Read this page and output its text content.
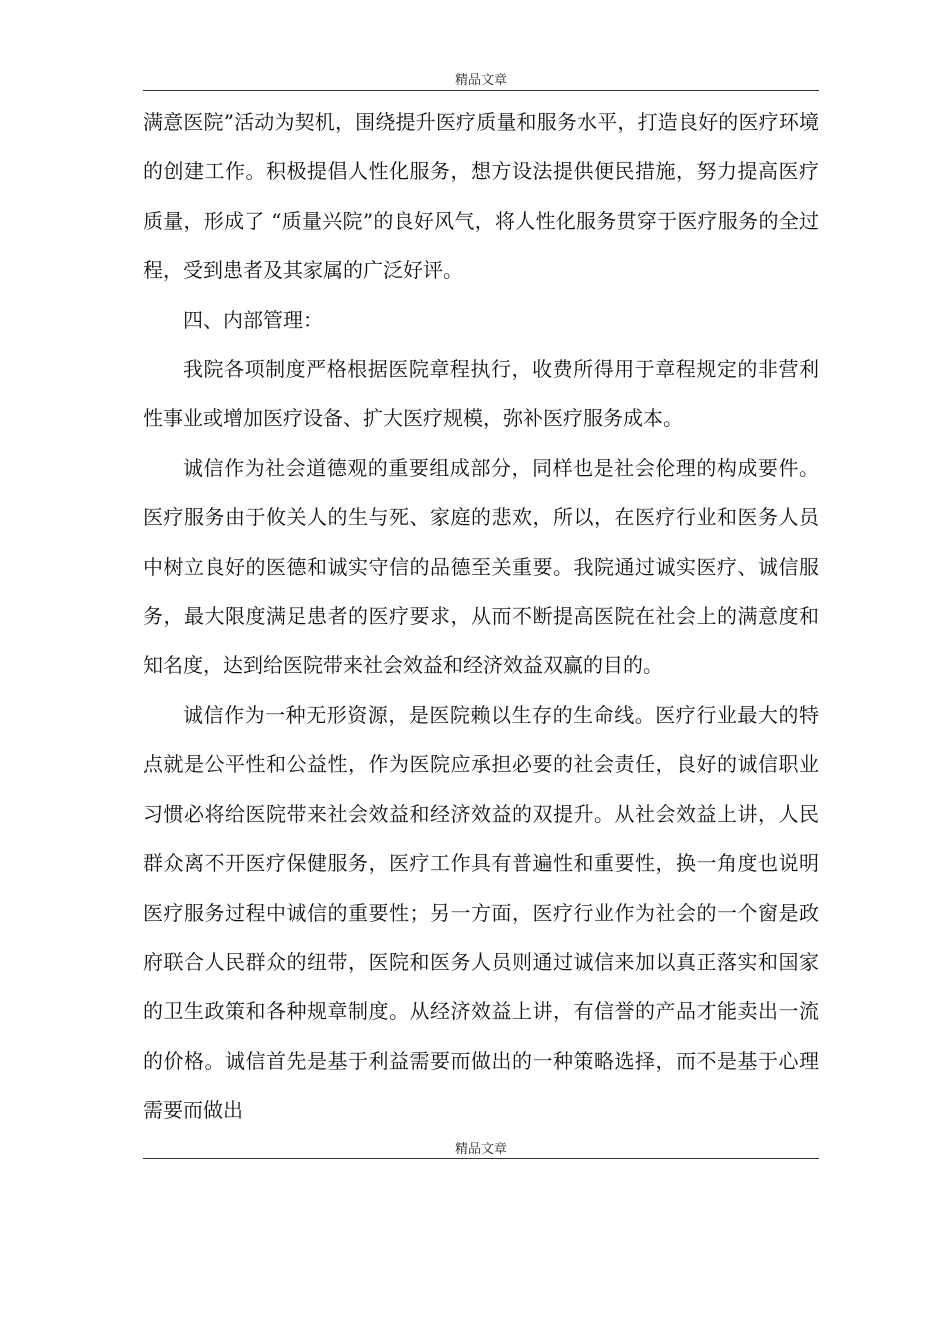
精品文章

满意医院”活动为契机，围绕提升医疗质量和服务水平，打造良好的医疗环境的创建工作。积极提倡人性化服务，想方设法提供便民措施，努力提高医疗质量，形成了 “质量兴院”的良好风气，将人性化服务贯穿于医疗服务的全过程，受到患者及其家属的广泛好评。

四、内部管理：

我院各项制度严格根据医院章程执行，收费所得用于章程规定的非营利性事业或增加医疗设备、扩大医疗规模，弥补医疗服务成本。

诚信作为社会道德观的重要组成部分，同样也是社会伦理的构成要件。医疗服务由于攸关人的生与死、家庭的悲欢，所以，在医疗行业和医务人员中树立良好的医德和诚实守信的品德至关重要。我院通过诚实医疗、诚信服务，最大限度满足患者的医疗要求，从而不断提高医院在社会上的满意度和知名度，达到给医院带来社会效益和经济效益双赢的目的。

诚信作为一种无形资源，是医院赖以生存的生命线。医疗行业最大的特点就是公平性和公益性，作为医院应承担必要的社会责任，良好的诚信职业习惯必将给医院带来社会效益和经济效益的双提升。从社会效益上讲，人民群众离不开医疗保健服务，医疗工作具有普遍性和重要性，换一角度也说明医疗服务过程中诚信的重要性；另一方面，医疗行业作为社会的一个窗是政府联合人民群众的纽带，医院和医务人员则通过诚信来加以真正落实和国家的卫生政策和各种规章制度。从经济效益上讲，有信誉的产品才能卖出一流的价格。诚信首先是基于利益需要而做出的一种策略选择，而不是基于心理需要而做出

精品文章
